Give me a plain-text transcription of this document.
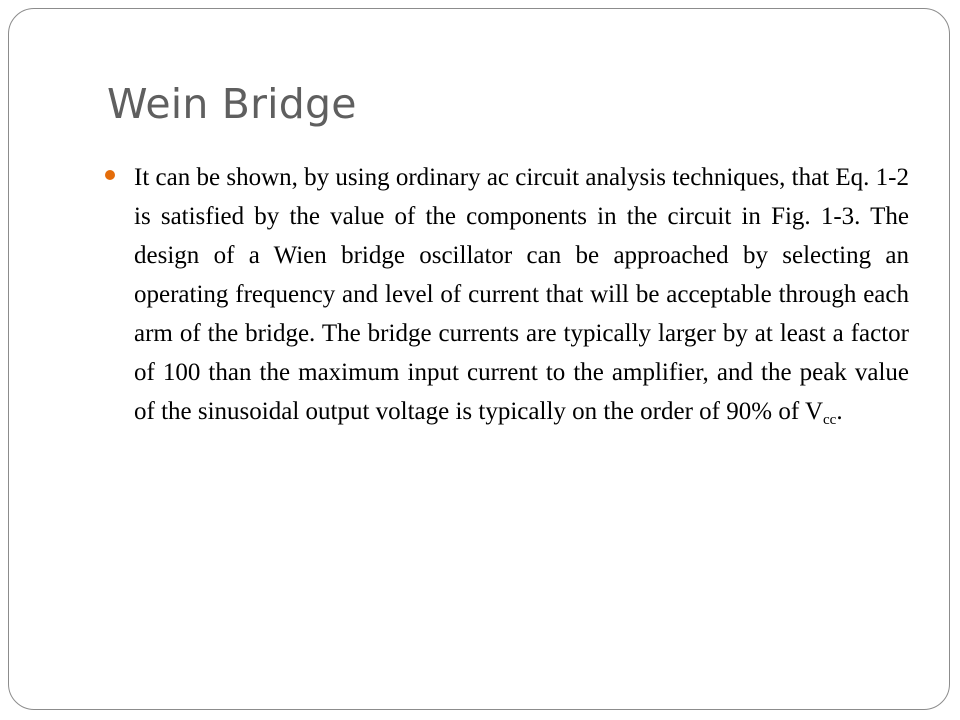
Wein Bridge

It can be shown, by using ordinary ac circuit analysis techniques, that Eq. 1-2 is satisfied by the value of the components in the circuit in Fig. 1-3. The design of a Wien bridge oscillator can be approached by selecting an operating frequency and level of current that will be acceptable through each arm of the bridge. The bridge currents are typically larger by at least a factor of 100 than the maximum input current to the amplifier, and the peak value of the sinusoidal output voltage is typically on the order of 90% of $V_{cc}$.
